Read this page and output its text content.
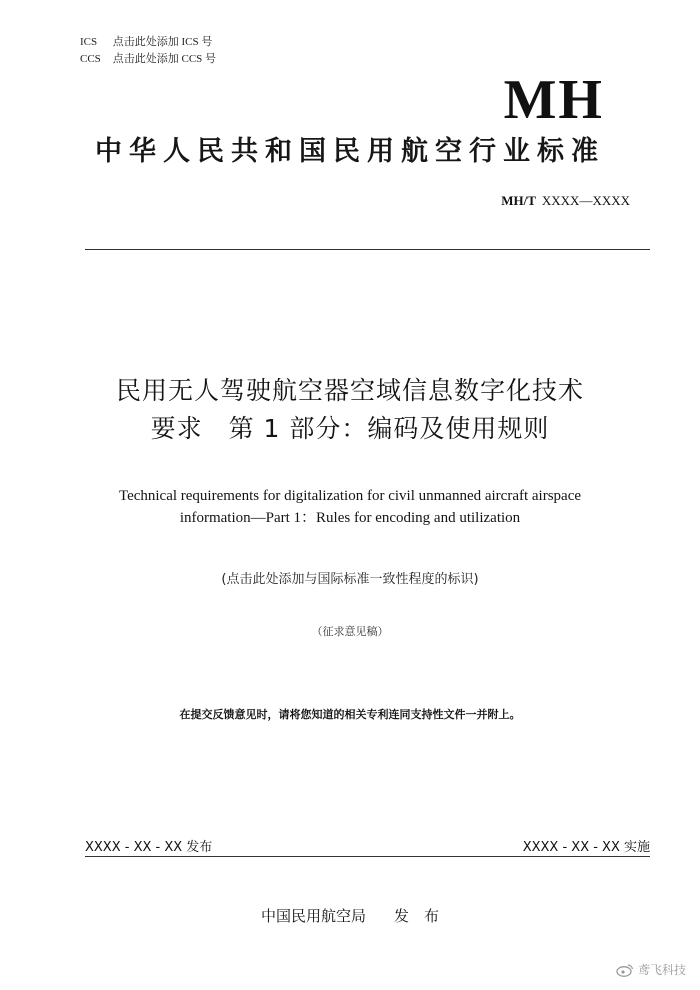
ICS 点击此处添加 ICS 号
CCS 点击此处添加 CCS 号
MH
中华人民共和国民用航空行业标准
MH/T XXXX—XXXX
民用无人驾驶航空器空域信息数字化技术
要求　第 1 部分：编码及使用规则
Technical requirements for digitalization for civil unmanned aircraft airspace
information—Part 1：Rules for encoding and utilization
(点击此处添加与国际标准一致性程度的标识)
（征求意见稿）
在提交反馈意见时，请将您知道的相关专利连同支持性文件一并附上。
XXXX - XX - XX 发布	XXXX - XX - XX 实施
中国民用航空局 发　布
鸢飞科技
